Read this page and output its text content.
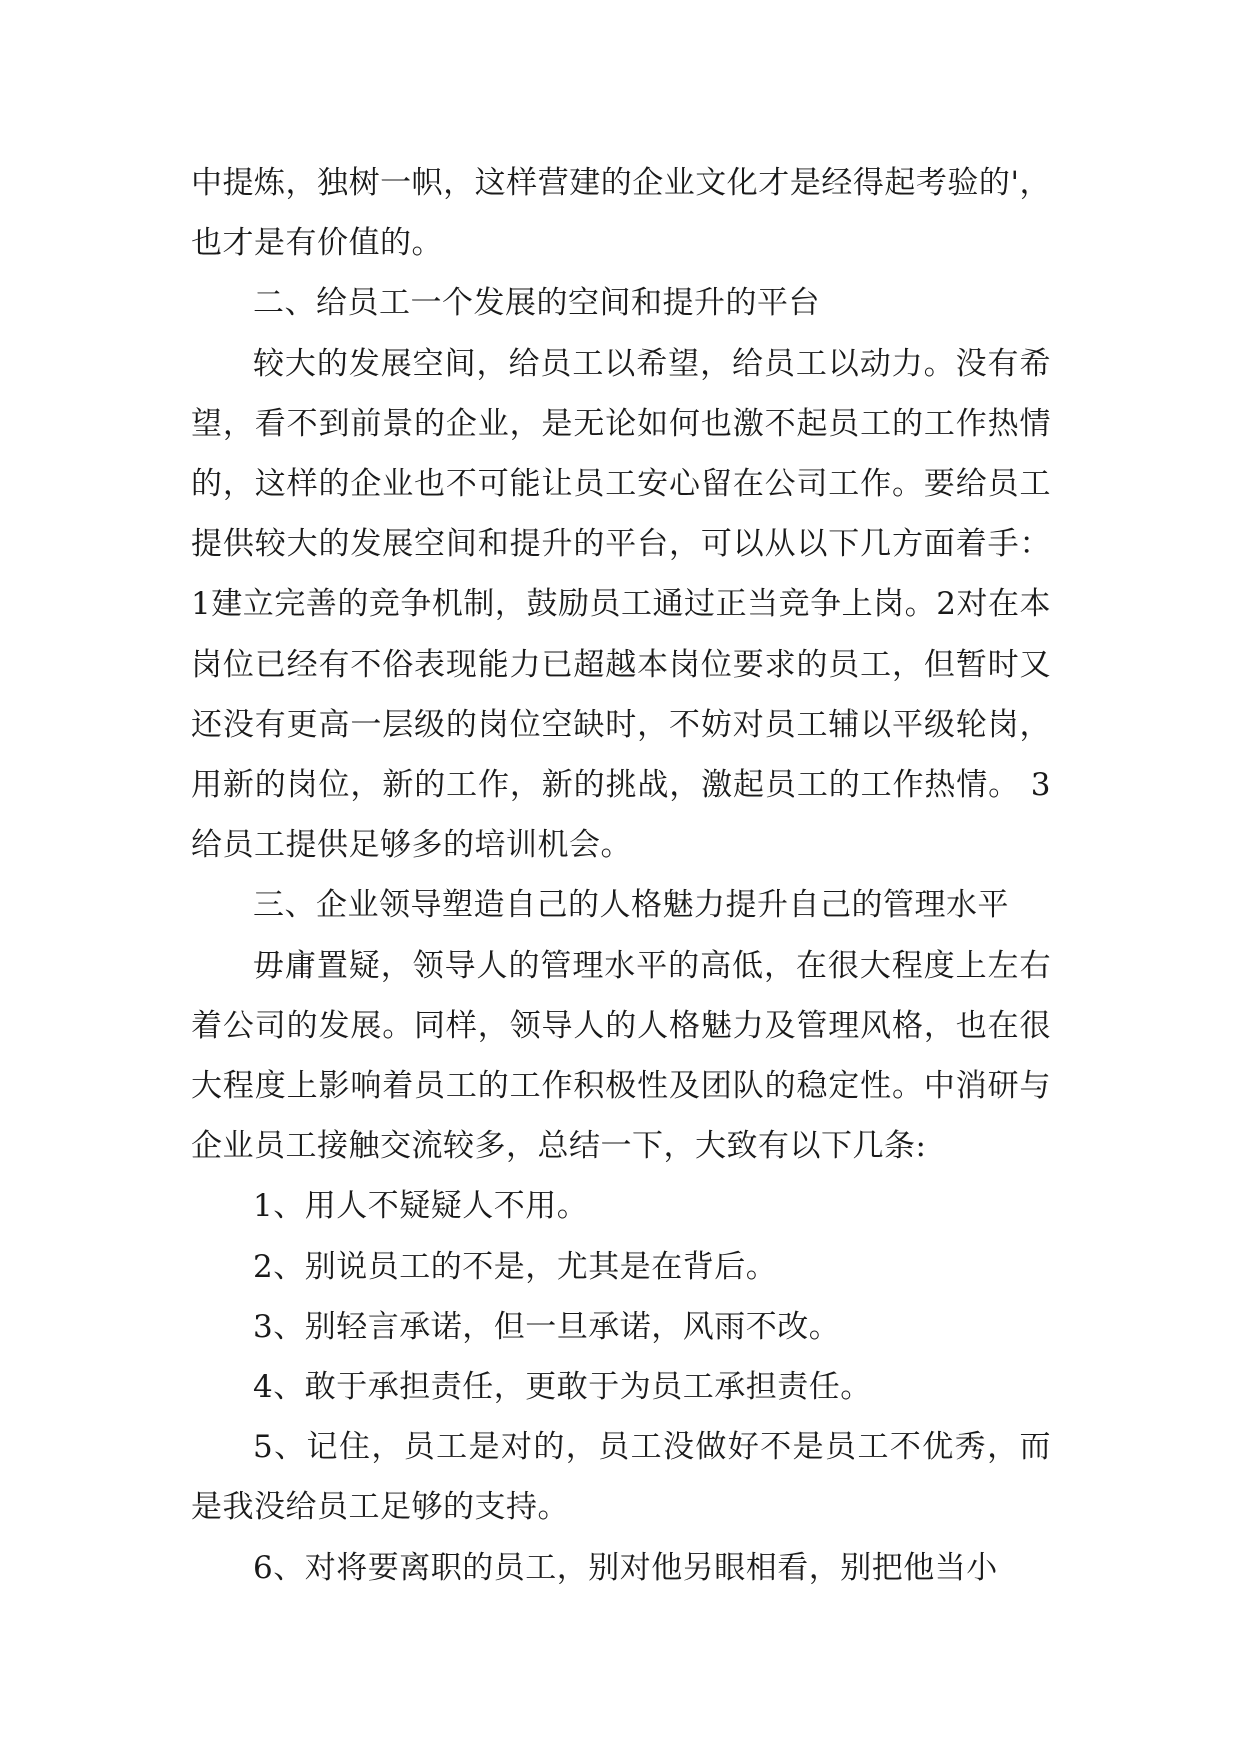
中提炼，独树一帜，这样营建的企业文化才是经得起考验的'，也才是有价值的。

二、给员工一个发展的空间和提升的平台

较大的发展空间，给员工以希望，给员工以动力。没有希望，看不到前景的企业，是无论如何也激不起员工的工作热情的，这样的企业也不可能让员工安心留在公司工作。要给员工提供较大的发展空间和提升的平台，可以从以下几方面着手：1建立完善的竞争机制，鼓励员工通过正当竞争上岗。2对在本岗位已经有不俗表现能力已超越本岗位要求的员工，但暂时又还没有更高一层级的岗位空缺时，不妨对员工辅以平级轮岗，用新的岗位，新的工作，新的挑战，激起员工的工作热情。 3给员工提供足够多的培训机会。

三、企业领导塑造自己的人格魅力提升自己的管理水平

毋庸置疑，领导人的管理水平的高低，在很大程度上左右着公司的发展。同样，领导人的人格魅力及管理风格，也在很大程度上影响着员工的工作积极性及团队的稳定性。中消研与企业员工接触交流较多，总结一下，大致有以下几条:

1、用人不疑疑人不用。

2、别说员工的不是，尤其是在背后。

3、别轻言承诺，但一旦承诺，风雨不改。

4、敢于承担责任，更敢于为员工承担责任。

5、记住，员工是对的，员工没做好不是员工不优秀，而是我没给员工足够的支持。

6、对将要离职的员工，别对他另眼相看，别把他当小
